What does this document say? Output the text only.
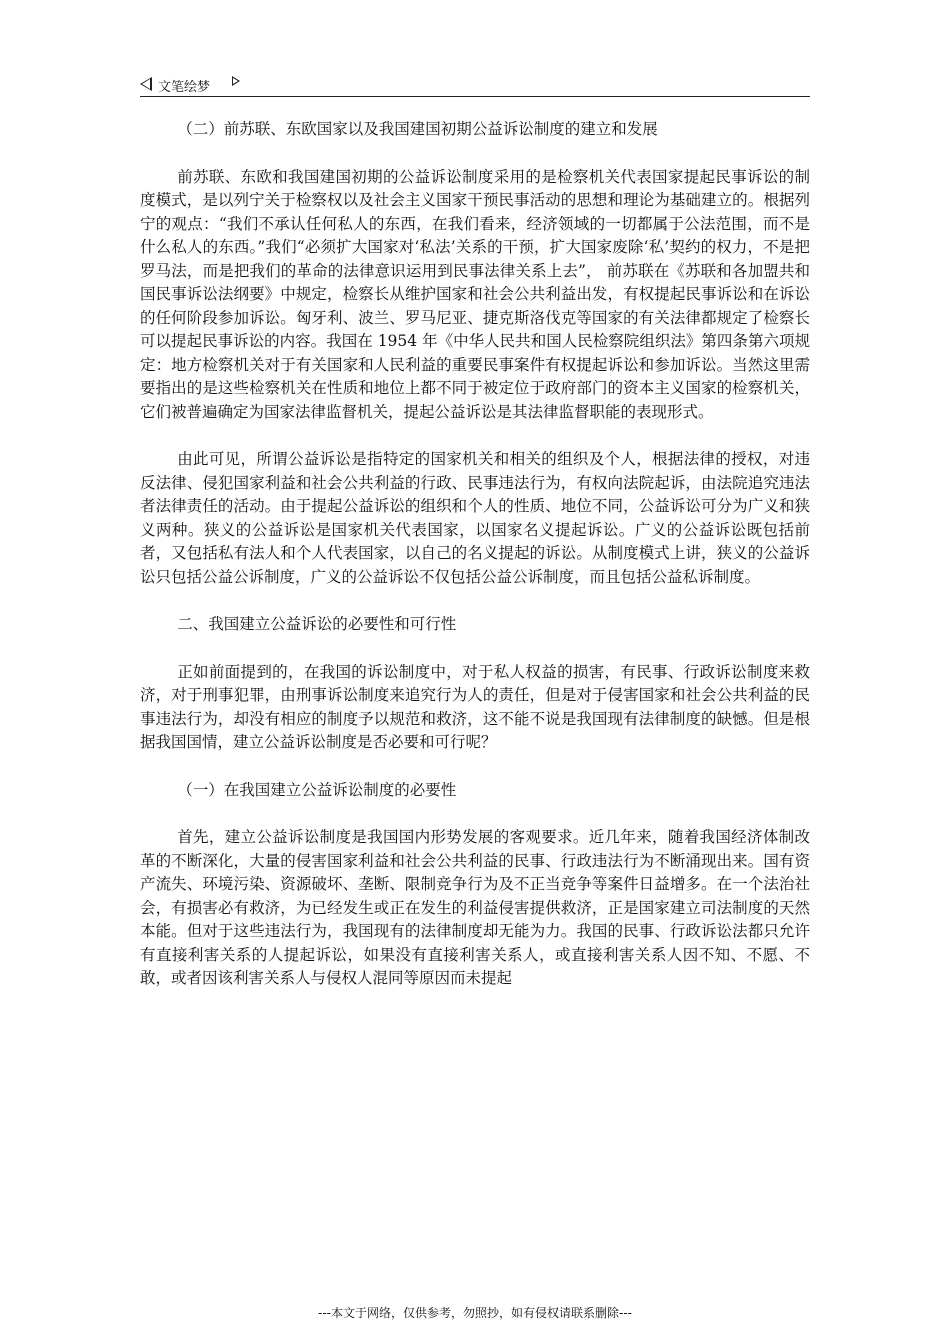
文笔绘梦

（二）前苏联、东欧国家以及我国建国初期公益诉讼制度的建立和发展

前苏联、东欧和我国建国初期的公益诉讼制度采用的是检察机关代表国家提起民事诉讼的制度模式，是以列宁关于检察权以及社会主义国家干预民事活动的思想和理论为基础建立的。根据列宁的观点：“我们不承认任何私人的东西，在我们看来，经济领域的一切都属于公法范围，而不是什么私人的东西。”我们“必须扩大国家对‘私法’关系的干预，扩大国家废除‘私’契约的权力，不是把罗马法，而是把我们的革命的法律意识运用到民事法律关系上去”， 前苏联在《苏联和各加盟共和国民事诉讼法纲要》中规定，检察长从维护国家和社会公共利益出发，有权提起民事诉讼和在诉讼的任何阶段参加诉讼。匈牙利、波兰、罗马尼亚、捷克斯洛伐克等国家的有关法律都规定了检察长可以提起民事诉讼的内容。我国在 1954 年《中华人民共和国人民检察院组织法》第四条第六项规定：地方检察机关对于有关国家和人民利益的重要民事案件有权提起诉讼和参加诉讼。当然这里需要指出的是这些检察机关在性质和地位上都不同于被定位于政府部门的资本主义国家的检察机关，它们被普遍确定为国家法律监督机关，提起公益诉讼是其法律监督职能的表现形式。

由此可见，所谓公益诉讼是指特定的国家机关和相关的组织及个人，根据法律的授权，对违反法律、侵犯国家利益和社会公共利益的行政、民事违法行为，有权向法院起诉，由法院追究违法者法律责任的活动。由于提起公益诉讼的组织和个人的性质、地位不同，公益诉讼可分为广义和狭义两种。狭义的公益诉讼是国家机关代表国家，以国家名义提起诉讼。广义的公益诉讼既包括前者，又包括私有法人和个人代表国家，以自己的名义提起的诉讼。从制度模式上讲，狭义的公益诉讼只包括公益公诉制度，广义的公益诉讼不仅包括公益公诉制度，而且包括公益私诉制度。

二、我国建立公益诉讼的必要性和可行性

正如前面提到的，在我国的诉讼制度中，对于私人权益的损害，有民事、行政诉讼制度来救济，对于刑事犯罪，由刑事诉讼制度来追究行为人的责任，但是对于侵害国家和社会公共利益的民事违法行为，却没有相应的制度予以规范和救济，这不能不说是我国现有法律制度的缺憾。但是根据我国国情，建立公益诉讼制度是否必要和可行呢？

（一）在我国建立公益诉讼制度的必要性

首先，建立公益诉讼制度是我国国内形势发展的客观要求。近几年来，随着我国经济体制改革的不断深化，大量的侵害国家利益和社会公共利益的民事、行政违法行为不断涌现出来。国有资产流失、环境污染、资源破坏、垄断、限制竞争行为及不正当竞争等案件日益增多。在一个法治社会，有损害必有救济，为已经发生或正在发生的利益侵害提供救济，正是国家建立司法制度的天然本能。但对于这些违法行为，我国现有的法律制度却无能为力。我国的民事、行政诉讼法都只允许有直接利害关系的人提起诉讼，如果没有直接利害关系人，或直接利害关系人因不知、不愿、不敢，或者因该利害关系人与侵权人混同等原因而未提起

---本文于网络，仅供参考，勿照抄，如有侵权请联系删除---
